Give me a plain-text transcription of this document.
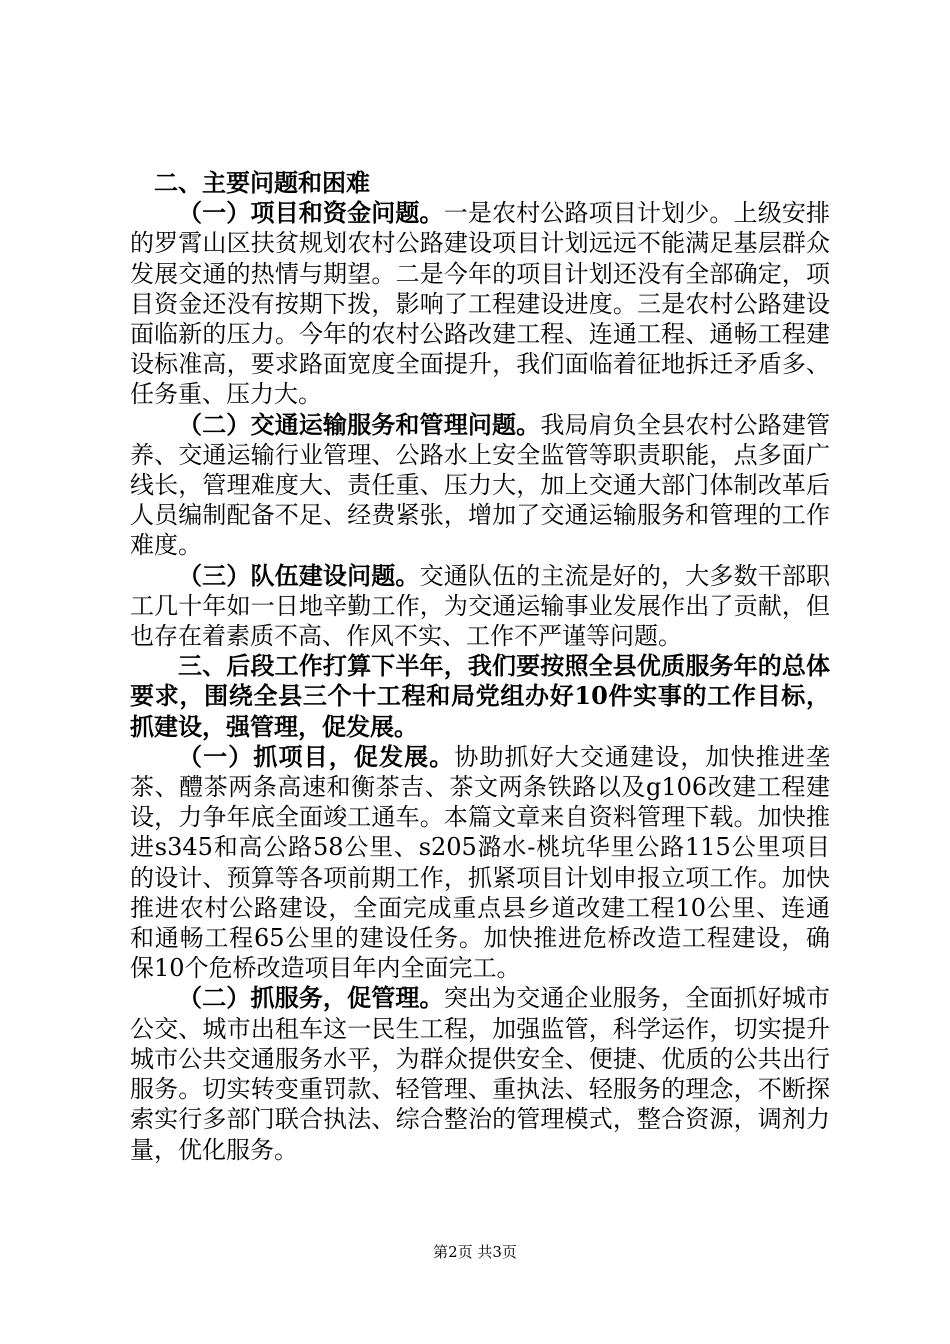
二、主要问题和困难

（一）项目和资金问题。一是农村公路项目计划少。上级安排的罗霄山区扶贫规划农村公路建设项目计划远远不能满足基层群众发展交通的热情与期望。二是今年的项目计划还没有全部确定，项目资金还没有按期下拨，影响了工程建设进度。三是农村公路建设面临新的压力。今年的农村公路改建工程、连通工程、通畅工程建设标准高，要求路面宽度全面提升，我们面临着征地拆迁矛盾多、任务重、压力大。

（二）交通运输服务和管理问题。我局肩负全县农村公路建管养、交通运输行业管理、公路水上安全监管等职责职能，点多面广线长，管理难度大、责任重、压力大，加上交通大部门体制改革后人员编制配备不足、经费紧张，增加了交通运输服务和管理的工作难度。

（三）队伍建设问题。交通队伍的主流是好的，大多数干部职工几十年如一日地辛勤工作，为交通运输事业发展作出了贡献，但也存在着素质不高、作风不实、工作不严谨等问题。

三、后段工作打算下半年，我们要按照全县优质服务年的总体要求，围绕全县三个十工程和局党组办好10件实事的工作目标，抓建设，强管理，促发展。

（一）抓项目，促发展。协助抓好大交通建设，加快推进垄茶、醴茶两条高速和衡茶吉、茶文两条铁路以及g106改建工程建设，力争年底全面竣工通车。本篇文章来自资料管理下载。加快推进s345和高公路58公里、s205潞水-桃坑华里公路115公里项目的设计、预算等各项前期工作，抓紧项目计划申报立项工作。加快推进农村公路建设，全面完成重点县乡道改建工程10公里、连通和通畅工程65公里的建设任务。加快推进危桥改造工程建设，确保10个危桥改造项目年内全面完工。

（二）抓服务，促管理。突出为交通企业服务，全面抓好城市公交、城市出租车这一民生工程，加强监管，科学运作，切实提升城市公共交通服务水平，为群众提供安全、便捷、优质的公共出行服务。切实转变重罚款、轻管理、重执法、轻服务的理念，不断探索实行多部门联合执法、综合整治的管理模式，整合资源，调剂力量，优化服务。

第2页 共3页
